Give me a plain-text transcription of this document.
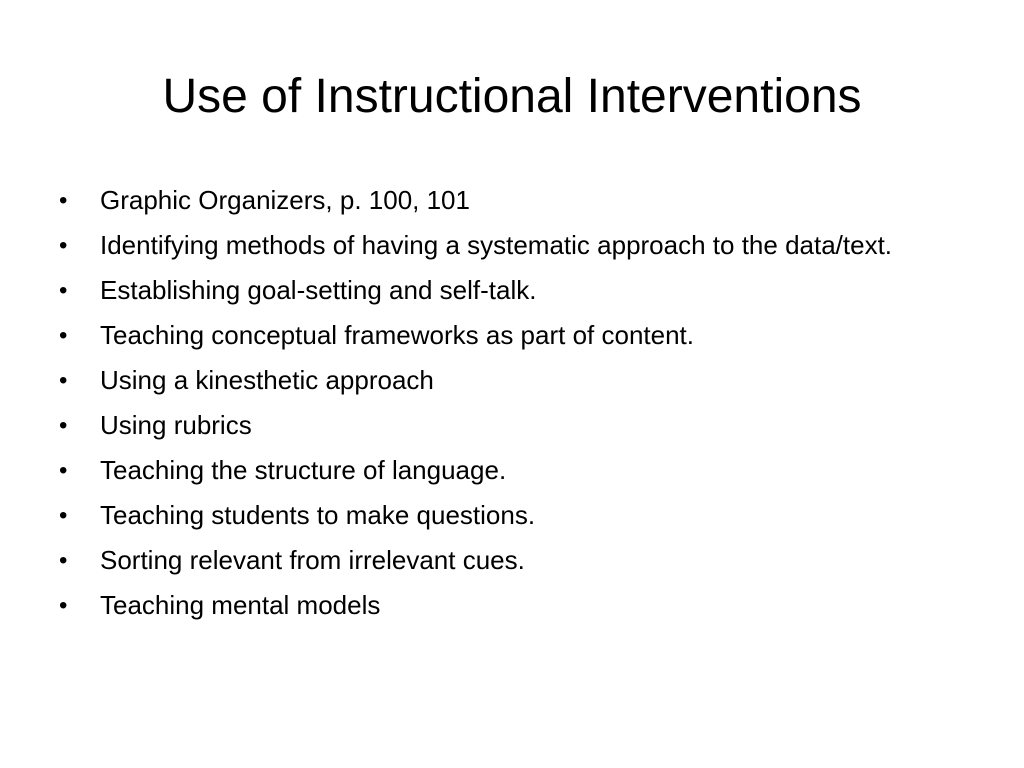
Use of Instructional Interventions
•	Graphic Organizers, p. 100, 101
•	Identifying methods of having a systematic approach to the data/text.
•	Establishing goal-setting and self-talk.
•	Teaching conceptual frameworks as part of content.
•	Using a kinesthetic approach
•	Using rubrics
•	Teaching the structure of language.
•	Teaching students to make questions.
•	Sorting relevant from irrelevant cues.
•	Teaching mental models
